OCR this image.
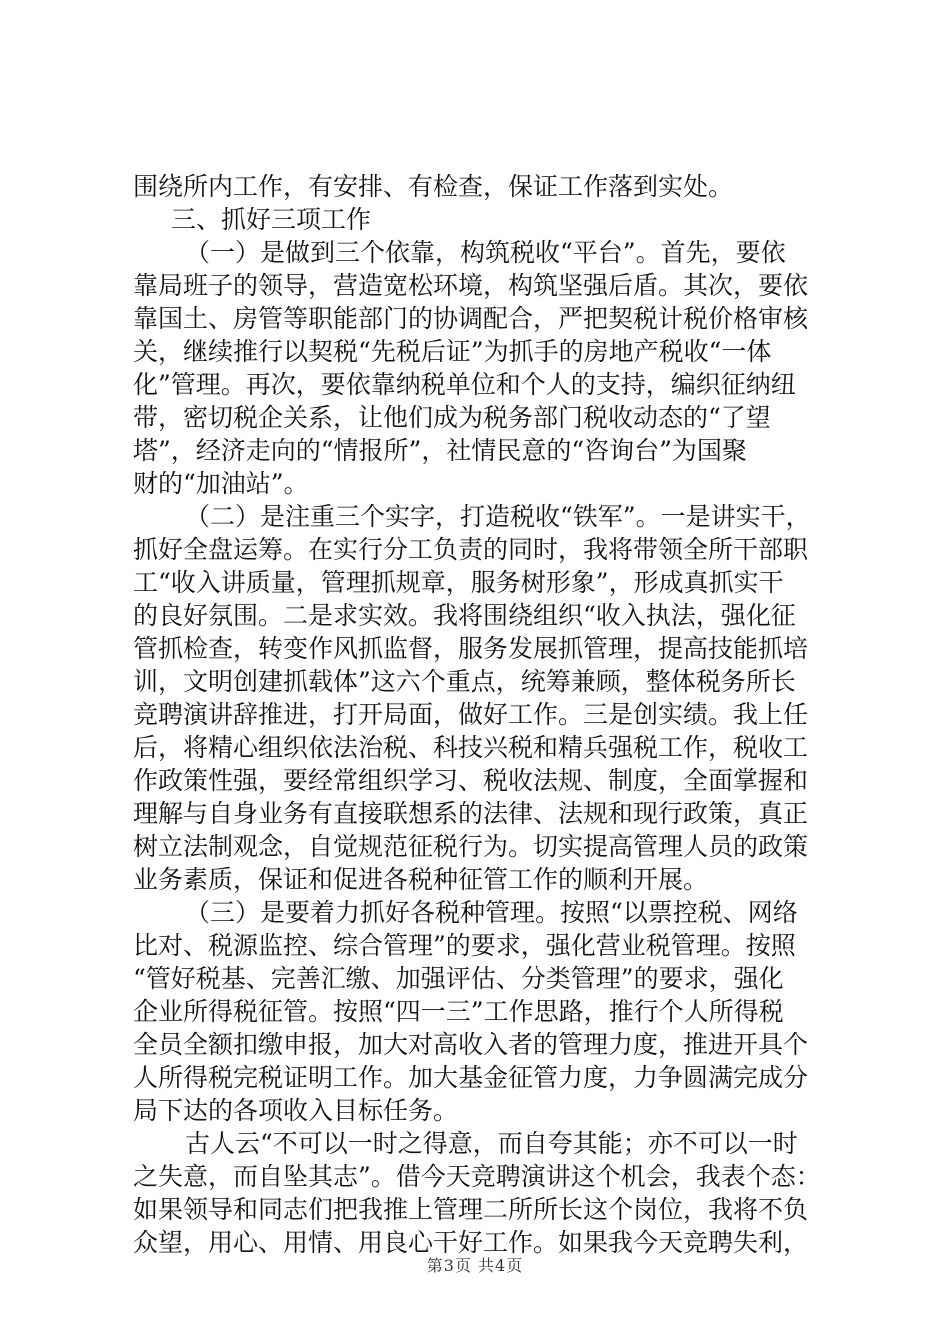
围绕所内工作，有安排、有检查，保证工作落到实处。
三、抓好三项工作
（一）是做到三个依靠，构筑税收“平台”。首先，要依
靠局班子的领导，营造宽松环境，构筑坚强后盾。其次，要依
靠国土、房管等职能部门的协调配合，严把契税计税价格审核
关，继续推行以契税“先税后证”为抓手的房地产税收“一体
化”管理。再次，要依靠纳税单位和个人的支持，编织征纳纽
带，密切税企关系，让他们成为税务部门税收动态的“了望
塔”，经济走向的“情报所”，社情民意的“咨询台”为国聚
财的“加油站”。
（二）是注重三个实字，打造税收“铁军”。一是讲实干，
抓好全盘运筹。在实行分工负责的同时，我将带领全所干部职
工“收入讲质量，管理抓规章，服务树形象”，形成真抓实干
的良好氛围。二是求实效。我将围绕组织“收入执法，强化征
管抓检查，转变作风抓监督，服务发展抓管理，提高技能抓培
训，文明创建抓载体”这六个重点，统筹兼顾，整体税务所长
竞聘演讲辞推进，打开局面，做好工作。三是创实绩。我上任
后，将精心组织依法治税、科技兴税和精兵强税工作，税收工
作政策性强，要经常组织学习、税收法规、制度，全面掌握和
理解与自身业务有直接联想系的法律、法规和现行政策，真正
树立法制观念，自觉规范征税行为。切实提高管理人员的政策
业务素质，保证和促进各税种征管工作的顺利开展。
（三）是要着力抓好各税种管理。按照“以票控税、网络
比对、税源监控、综合管理”的要求，强化营业税管理。按照
“管好税基、完善汇缴、加强评估、分类管理”的要求，强化
企业所得税征管。按照“四一三”工作思路，推行个人所得税
全员全额扣缴申报，加大对高收入者的管理力度，推进开具个
人所得税完税证明工作。加大基金征管力度，力争圆满完成分
局下达的各项收入目标任务。
古人云“不可以一时之得意，而自夸其能；亦不可以一时
之失意，而自坠其志”。借今天竞聘演讲这个机会，我表个态：
如果领导和同志们把我推上管理二所所长这个岗位，我将不负
众望，用心、用情、用良心干好工作。如果我今天竞聘失利，
第3页 共4页
